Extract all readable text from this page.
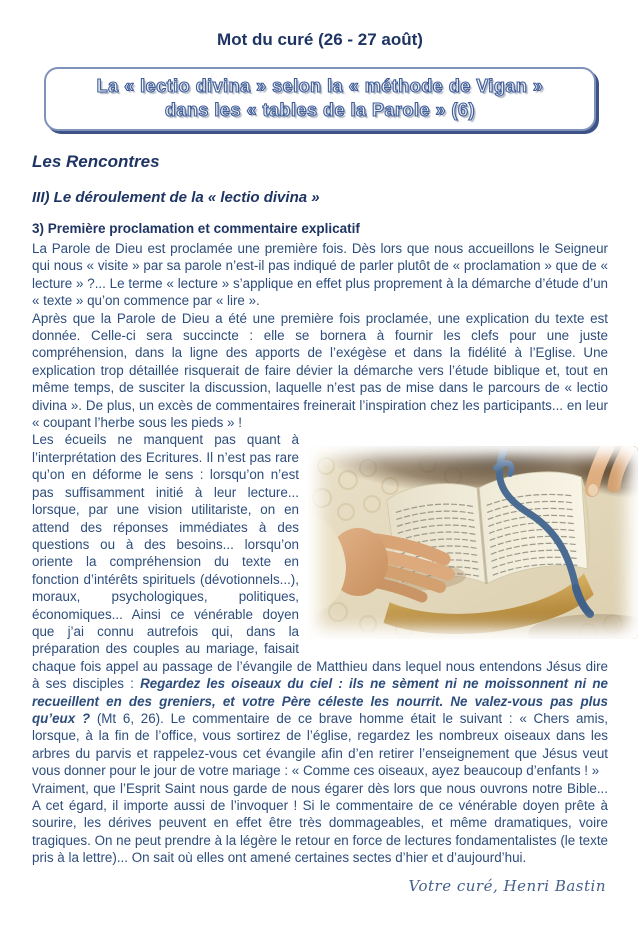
Mot du curé (26 - 27 août)
La « lectio divina » selon la « méthode de Vigan »
dans les « tables de la Parole » (6)
Les Rencontres
III) Le déroulement de la « lectio divina »
3) Première proclamation et commentaire explicatif

La Parole de Dieu est proclamée une première fois. Dès lors que nous accueillons le Seigneur qui nous « visite » par sa parole n’est-il pas indiqué de parler plutôt de « proclamation » que de « lecture » ?... Le terme « lecture » s’applique en effet plus proprement à la démarche d’étude d’un « texte » qu’on commence par « lire ».

Après que la Parole de Dieu a été une première fois proclamée, une explication du texte est donnée. Celle-ci sera succincte : elle se bornera à fournir les clefs pour une juste compréhension, dans la ligne des apports de l’exégèse et dans la fidélité à l’Eglise. Une explication trop détaillée risquerait de faire dévier la démarche vers l’étude biblique et, tout en même temps, de susciter la discussion, laquelle n’est pas de mise dans le parcours de « lectio divina ». De plus, un excès de commentaires freinerait l’inspiration chez les participants... en leur « coupant l’herbe sous les pieds » !

Les écueils ne manquent pas quant à l’interprétation des Ecritures. Il n’est pas rare qu’on en déforme le sens : lorsqu’on n’est pas suffisamment initié à leur lecture... lorsque, par une vision utilitariste, on en attend des réponses immédiates à des questions ou à des besoins... lorsqu’on oriente la compréhension du texte en fonction d’intérêts spirituels (dévotionnels...), moraux, psychologiques, politiques, économiques... Ainsi ce vénérable doyen que j’ai connu autrefois qui, dans la préparation des couples au mariage, faisait chaque fois appel au passage de l’évangile de Matthieu dans lequel nous entendons Jésus dire à ses disciples : Regardez les oiseaux du ciel : ils ne sèment ni ne moissonnent ni ne recueillent en des greniers, et votre Père céleste les nourrit. Ne valez-vous pas plus qu’eux ? (Mt 6, 26). Le commentaire de ce brave homme était le suivant : « Chers amis, lorsque, à la fin de l’office, vous sortirez de l’église, regardez les nombreux oiseaux dans les arbres du parvis et rappelez-vous cet évangile afin d’en retirer l’enseignement que Jésus veut vous donner pour le jour de votre mariage : « Comme ces oiseaux, ayez beaucoup d’enfants ! »

Vraiment, que l’Esprit Saint nous garde de nous égarer dès lors que nous ouvrons notre Bible... A cet égard, il importe aussi de l’invoquer ! Si le commentaire de ce vénérable doyen prête à sourire, les dérives peuvent en effet être très dommageables, et même dramatiques, voire tragiques. On ne peut prendre à la légère le retour en force de lectures fondamentalistes (le texte pris à la lettre)... On sait où elles ont amené certaines sectes d’hier et d’aujourd’hui.

Votre curé, Henri Bastin
